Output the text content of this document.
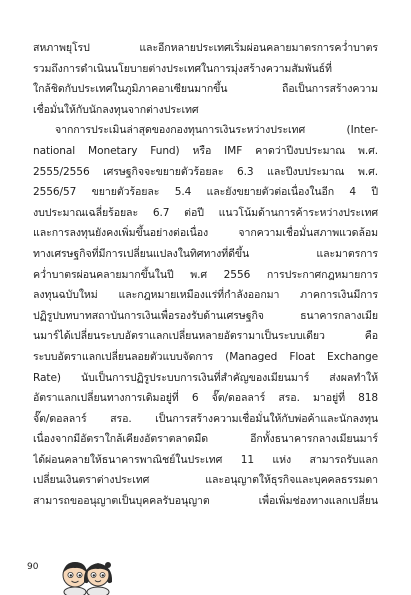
สหภาพยุโรป และอีกหลายประเทศเริ่มผ่อนคลายมาตรการคว่ำบาตร
รวมถึงการดำเนินนโยบายต่างประเทศในการมุ่งสร้างความสัมพันธ์ที่
ใกล้ชิดกับประเทศในภูมิภาคอาเซียนมากขึ้น ถือเป็นการสร้างความ
เชื่อมั่นให้กับนักลงทุนจากต่างประเทศ
จากการประเมินล่าสุดของกองทุนการเงินระหว่างประเทศ (Inter-
national Monetary Fund) หรือ IMF คาดว่าปีงบประมาณ พ.ศ.
2555/2556 เศรษฐกิจจะขยายตัวร้อยละ 6.3 และปีงบประมาณ พ.ศ.
2556/57 ขยายตัวร้อยละ 5.4 และยังขยายตัวต่อเนื่องในอีก 4 ปี
งบประมาณเฉลี่ยร้อยละ 6.7 ต่อปี แนวโน้มด้านการค้าระหว่างประเทศ
และการลงทุนยังคงเพิ่มขึ้นอย่างต่อเนื่อง จากความเชื่อมั่นสภาพแวดล้อม
ทางเศรษฐกิจที่มีการเปลี่ยนแปลงในทิศทางที่ดีขึ้น และมาตรการ
คว่ำบาตรผ่อนคลายมากขึ้นในปี พ.ศ 2556 การประกาศกฎหมายการ
ลงทุนฉบับใหม่ และกฎหมายเหมืองแร่ที่กำลังออกมา ภาคการเงินมีการ
ปฏิรูปบทบาทสถาบันการเงินเพื่อรองรับด้านเศรษฐกิจ ธนาคารกลางเมีย
นมาร์ได้เปลี่ยนระบบอัตราแลกเปลี่ยนหลายอัตรามาเป็นระบบเดียว คือ
ระบบอัตราแลกเปลี่ยนลอยตัวแบบจัดการ (Managed Float Exchange
Rate) นับเป็นการปฏิรูประบบการเงินที่สำคัญของเมียนมาร์ ส่งผลทำให้
อัตราแลกเปลี่ยนทางการเดิมอยู่ที่ 6 จั๊ต/ดอลลาร์ สรอ. มาอยู่ที่ 818
จั๊ต/ดอลลาร์ สรอ. เป็นการสร้างความเชื่อมั่นให้กับพ่อค้าและนักลงทุน
เนื่องจากมีอัตราใกล้เคียงอัตราตลาดมืด อีกทั้งธนาคารกลางเมียนมาร์
ได้ผ่อนคลายให้ธนาคารพาณิชย์ในประเทศ 11 แห่ง สามารถรับแลก
เปลี่ยนเงินตราต่างประเทศ และอนุญาตให้ธุรกิจและบุคคลธรรมดา
สามารถขออนุญาตเป็นบุคคลรับอนุญาต เพื่อเพิ่มช่องทางแลกเปลี่ยน
90
